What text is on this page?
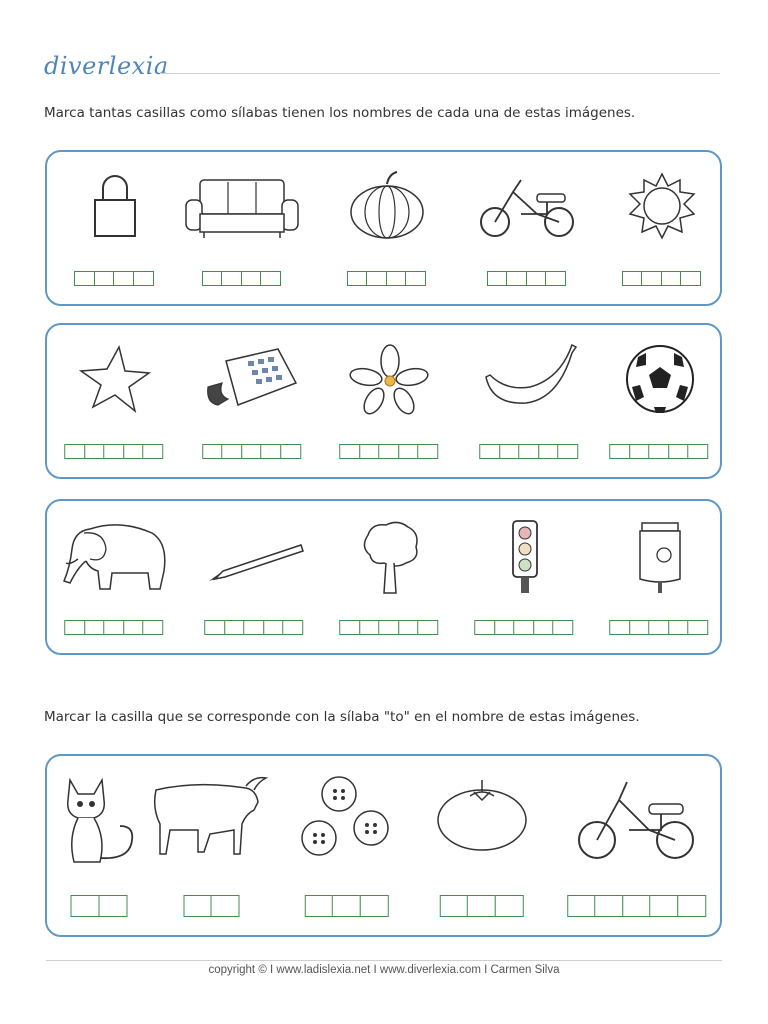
diverlexia
Marca tantas casillas como sílabas tienen los nombres de cada una de estas imágenes.
Marcar la casilla que se corresponde con la sílaba "to" en el nombre de estas imágenes.
copyright © I www.ladislexia.net I www.diverlexia.com I Carmen Silva
